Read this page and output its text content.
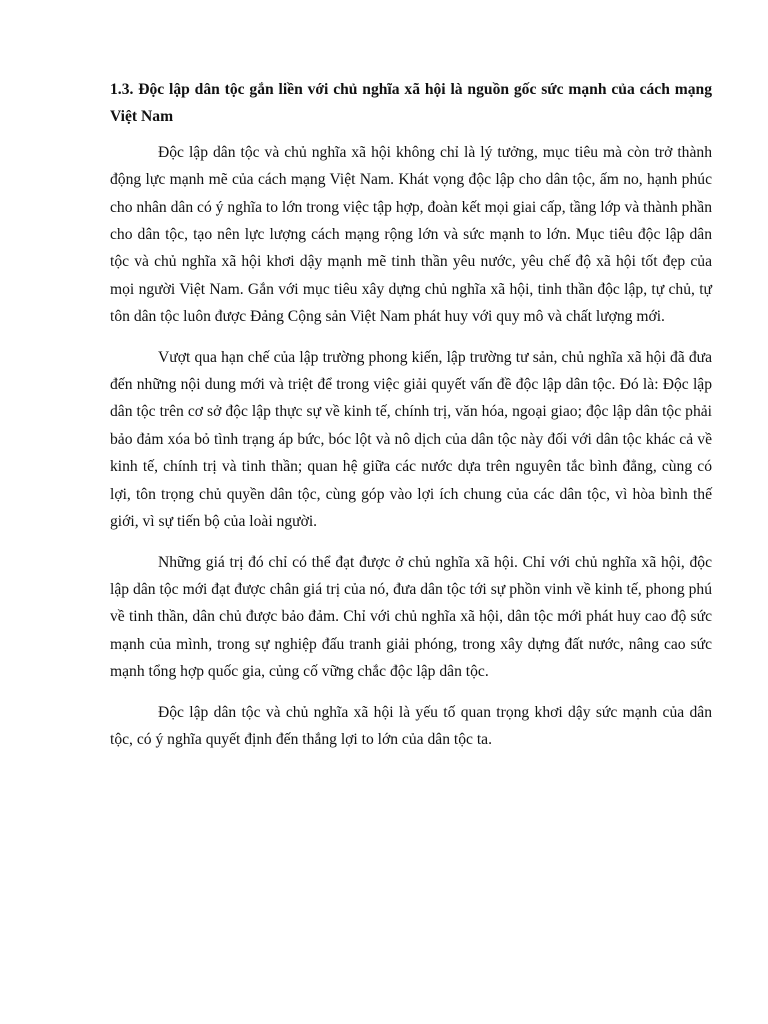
1.3. Độc lập dân tộc gắn liền với chủ nghĩa xã hội là nguồn gốc sức mạnh của cách mạng Việt Nam

Độc lập dân tộc và chủ nghĩa xã hội không chỉ là lý tưởng, mục tiêu mà còn trở thành động lực mạnh mẽ của cách mạng Việt Nam. Khát vọng độc lập cho dân tộc, ấm no, hạnh phúc cho nhân dân có ý nghĩa to lớn trong việc tập hợp, đoàn kết mọi giai cấp, tầng lớp và thành phần cho dân tộc, tạo nên lực lượng cách mạng rộng lớn và sức mạnh to lớn. Mục tiêu độc lập dân tộc và chủ nghĩa xã hội khơi dậy mạnh mẽ tinh thần yêu nước, yêu chế độ xã hội tốt đẹp của mọi người Việt Nam. Gắn với mục tiêu xây dựng chủ nghĩa xã hội, tinh thần độc lập, tự chủ, tự tôn dân tộc luôn được Đảng Cộng sản Việt Nam phát huy với quy mô và chất lượng mới.

Vượt qua hạn chế của lập trường phong kiến, lập trường tư sản, chủ nghĩa xã hội đã đưa đến những nội dung mới và triệt để trong việc giải quyết vấn đề độc lập dân tộc. Đó là: Độc lập dân tộc trên cơ sở độc lập thực sự về kinh tế, chính trị, văn hóa, ngoại giao; độc lập dân tộc phải bảo đảm xóa bỏ tình trạng áp bức, bóc lột và nô dịch của dân tộc này đối với dân tộc khác cả về kinh tế, chính trị và tinh thần; quan hệ giữa các nước dựa trên nguyên tắc bình đẳng, cùng có lợi, tôn trọng chủ quyền dân tộc, cùng góp vào lợi ích chung của các dân tộc, vì hòa bình thế giới, vì sự tiến bộ của loài người.

Những giá trị đó chỉ có thể đạt được ở chủ nghĩa xã hội. Chỉ với chủ nghĩa xã hội, độc lập dân tộc mới đạt được chân giá trị của nó, đưa dân tộc tới sự phồn vinh về kinh tế, phong phú về tinh thần, dân chủ được bảo đảm. Chỉ với chủ nghĩa xã hội, dân tộc mới phát huy cao độ sức mạnh của mình, trong sự nghiệp đấu tranh giải phóng, trong xây dựng đất nước, nâng cao sức mạnh tổng hợp quốc gia, củng cố vững chắc độc lập dân tộc.

Độc lập dân tộc và chủ nghĩa xã hội là yếu tố quan trọng khơi dậy sức mạnh của dân tộc, có ý nghĩa quyết định đến thắng lợi to lớn của dân tộc ta.
